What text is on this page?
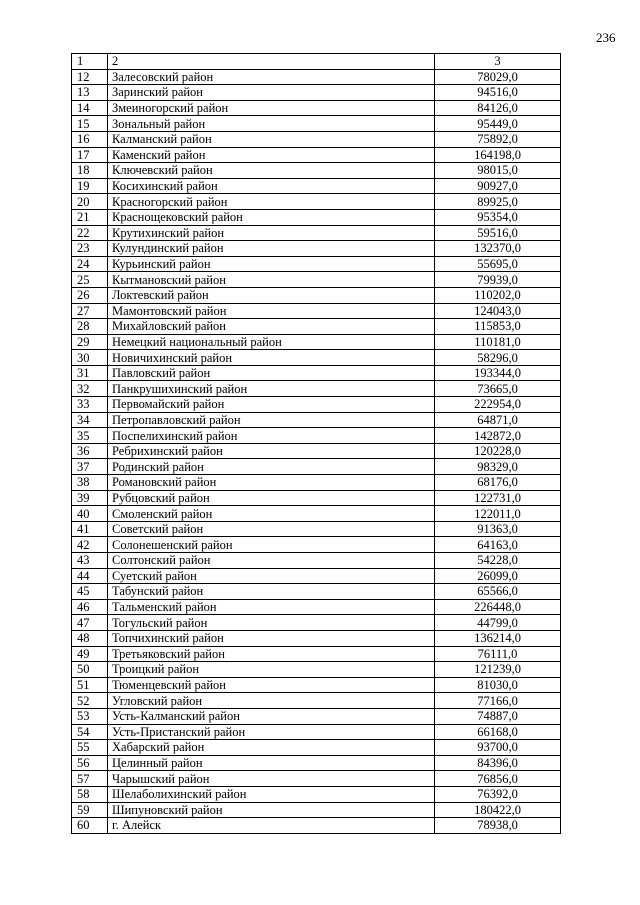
236
1	2	3
12	Залесовский район	78029,0
13	Заринский район	94516,0
14	Змеиногорский район	84126,0
15	Зональный район	95449,0
16	Калманский район	75892,0
17	Каменский район	164198,0
18	Ключевский район	98015,0
19	Косихинский район	90927,0
20	Красногорский район	89925,0
21	Краснощековский район	95354,0
22	Крутихинский район	59516,0
23	Кулундинский район	132370,0
24	Курьинский район	55695,0
25	Кытмановский район	79939,0
26	Локтевский район	110202,0
27	Мамонтовский район	124043,0
28	Михайловский район	115853,0
29	Немецкий национальный район	110181,0
30	Новичихинский район	58296,0
31	Павловский район	193344,0
32	Панкрушихинский район	73665,0
33	Первомайский район	222954,0
34	Петропавловский район	64871,0
35	Поспелихинский район	142872,0
36	Ребрихинский район	120228,0
37	Родинский район	98329,0
38	Романовский район	68176,0
39	Рубцовский район	122731,0
40	Смоленский район	122011,0
41	Советский район	91363,0
42	Солонешенский район	64163,0
43	Солтонский район	54228,0
44	Суетский район	26099,0
45	Табунский район	65566,0
46	Тальменский район	226448,0
47	Тогульский район	44799,0
48	Топчихинский район	136214,0
49	Третьяковский район	76111,0
50	Троицкий район	121239,0
51	Тюменцевский район	81030,0
52	Угловский район	77166,0
53	Усть-Калманский район	74887,0
54	Усть-Пристанский район	66168,0
55	Хабарский район	93700,0
56	Целинный район	84396,0
57	Чарышский район	76856,0
58	Шелаболихинский район	76392,0
59	Шипуновский район	180422,0
60	г. Алейск	78938,0
